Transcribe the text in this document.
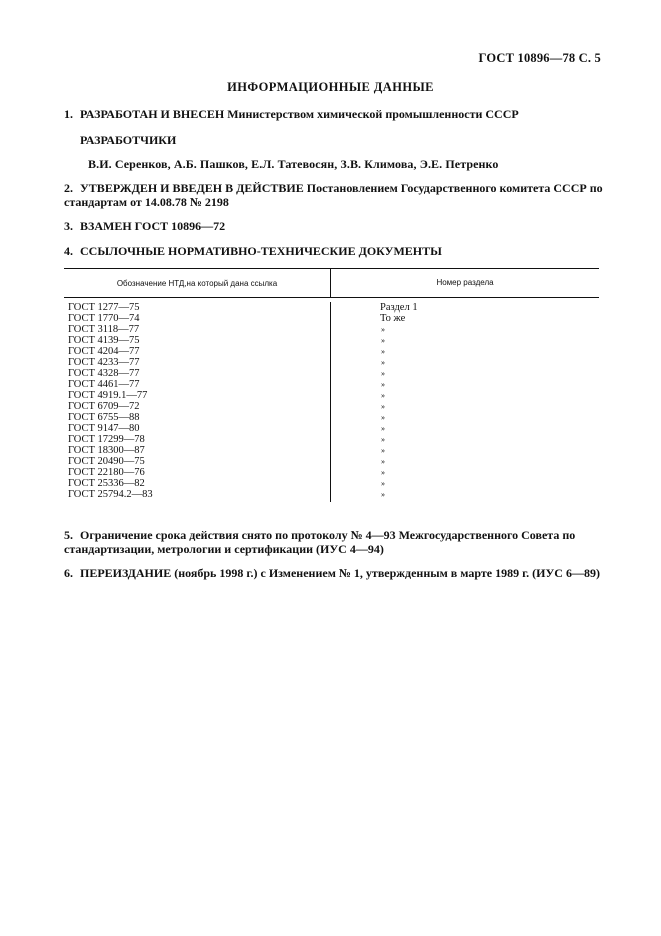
ГОСТ 10896—78 С. 5
ИНФОРМАЦИОННЫЕ ДАННЫЕ
1. РАЗРАБОТАН И ВНЕСЕН Министерством химической промышленности СССР
РАЗРАБОТЧИКИ
В.И. Серенков, А.Б. Пашков, Е.Л. Татевосян, З.В. Климова, Э.Е. Петренко
2. УТВЕРЖДЕН И ВВЕДЕН В ДЕЙСТВИЕ Постановлением Государственного комитета СССР по стандартам от 14.08.78 № 2198
3. ВЗАМЕН ГОСТ 10896—72
4. ССЫЛОЧНЫЕ НОРМАТИВНО-ТЕХНИЧЕСКИЕ ДОКУМЕНТЫ
Обозначение НТД,на который дана ссылка	Номер раздела
ГОСТ 1277—75
ГОСТ 1770—74
ГОСТ 3118—77
ГОСТ 4139—75
ГОСТ 4204—77
ГОСТ 4233—77
ГОСТ 4328—77
ГОСТ 4461—77
ГОСТ 4919.1—77
ГОСТ 6709—72
ГОСТ 6755—88
ГОСТ 9147—80
ГОСТ 17299—78
ГОСТ 18300—87
ГОСТ 20490—75
ГОСТ 22180—76
ГОСТ 25336—82
ГОСТ 25794.2—83
Раздел 1
То же
»
»
»
»
»
»
»
»
»
»
»
»
»
»
»
»
5. Ограничение срока действия снято по протоколу № 4—93 Межгосударственного Совета по стандартизации, метрологии и сертификации (ИУС 4—94)
6. ПЕРЕИЗДАНИЕ (ноябрь 1998 г.) с Изменением № 1, утвержденным в марте 1989 г. (ИУС 6—89)
